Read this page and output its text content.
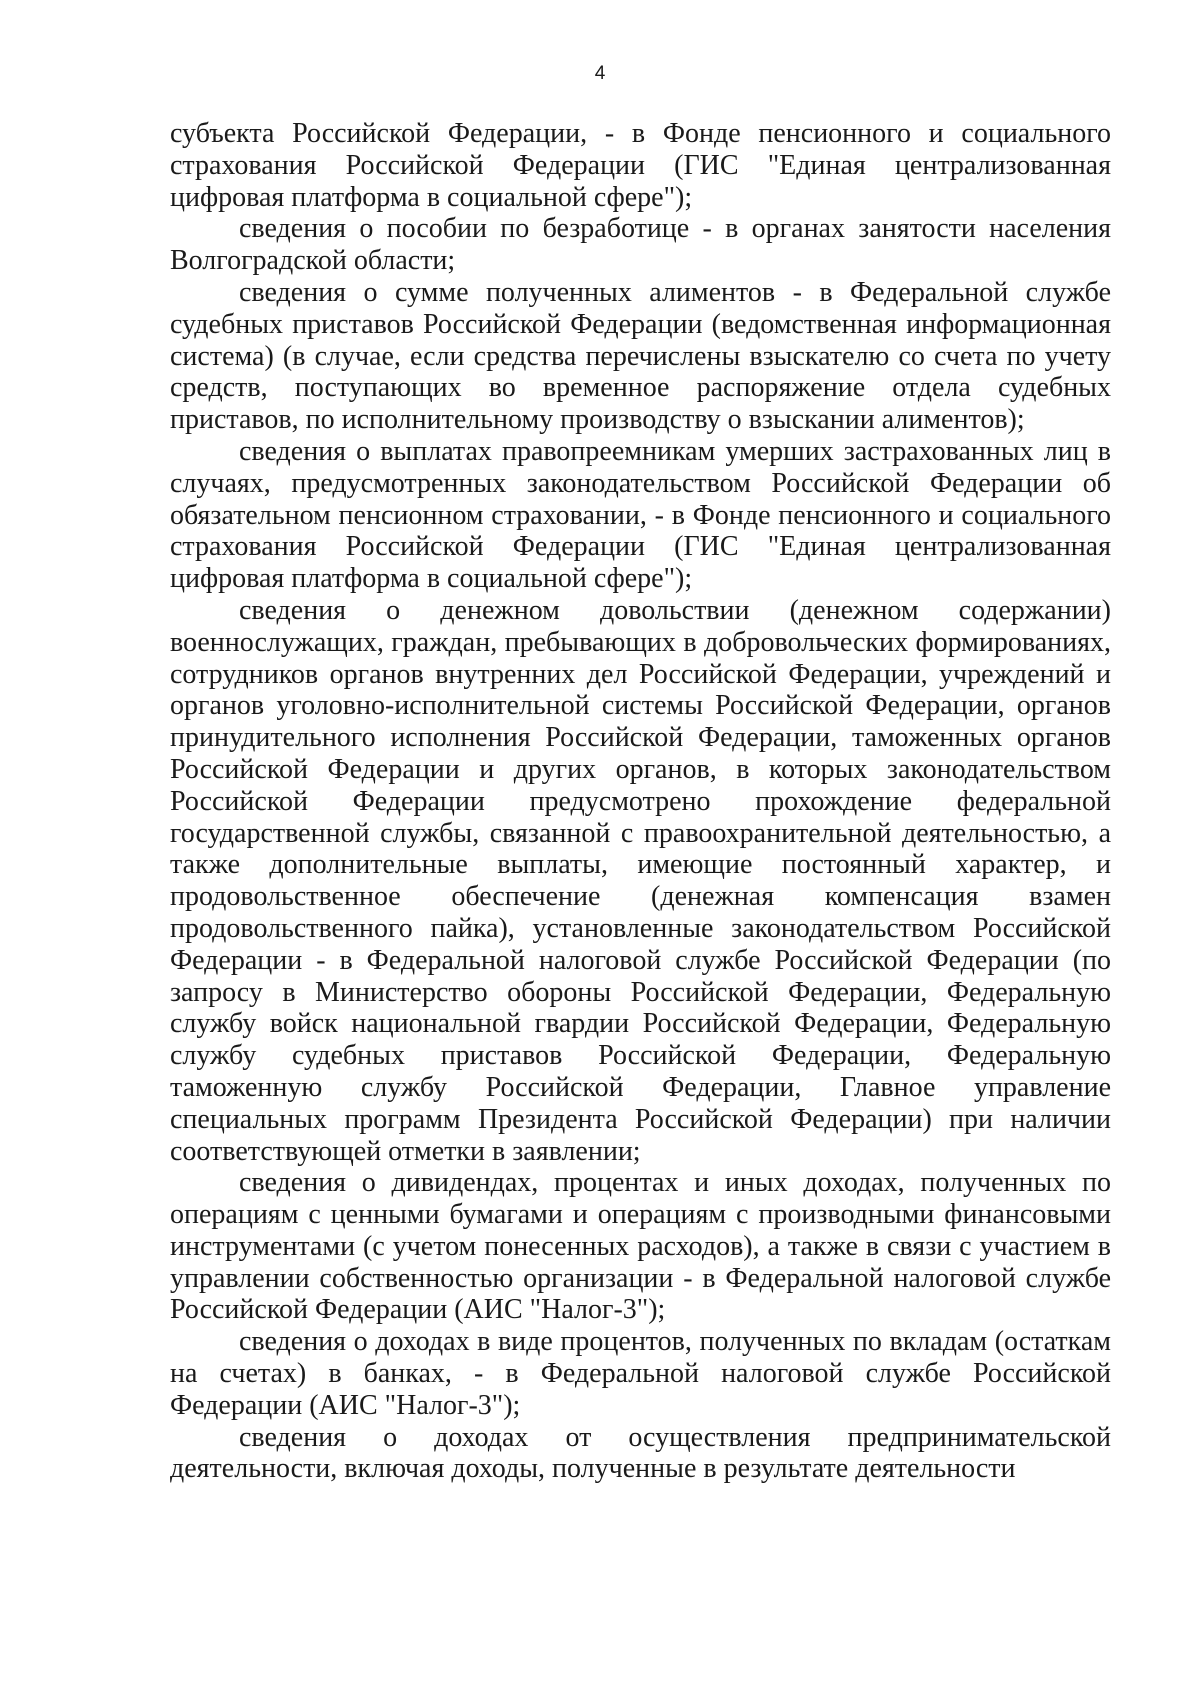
4

субъекта Российской Федерации, - в Фонде пенсионного и социального страхования Российской Федерации (ГИС "Единая централизованная цифровая платформа в социальной сфере");

сведения о пособии по безработице - в органах занятости населения Волгоградской области;

сведения о сумме полученных алиментов - в Федеральной службе судебных приставов Российской Федерации (ведомственная информационная система) (в случае, если средства перечислены взыскателю со счета по учету средств, поступающих во временное распоряжение отдела судебных приставов, по исполнительному производству о взыскании алиментов);

сведения о выплатах правопреемникам умерших застрахованных лиц в случаях, предусмотренных законодательством Российской Федерации об обязательном пенсионном страховании, - в Фонде пенсионного и социального страхования Российской Федерации (ГИС "Единая централизованная цифровая платформа в социальной сфере");

сведения о денежном довольствии (денежном содержании) военнослужащих, граждан, пребывающих в добровольческих формированиях, сотрудников органов внутренних дел Российской Федерации, учреждений и органов уголовно-исполнительной системы Российской Федерации, органов принудительного исполнения Российской Федерации, таможенных органов Российской Федерации и других органов, в которых законодательством Российской Федерации предусмотрено прохождение федеральной государственной службы, связанной с правоохранительной деятельностью, а также дополнительные выплаты, имеющие постоянный характер, и продовольственное обеспечение (денежная компенсация взамен продовольственного пайка), установленные законодательством Российской Федерации - в Федеральной налоговой службе Российской Федерации (по запросу в Министерство обороны Российской Федерации, Федеральную службу войск национальной гвардии Российской Федерации, Федеральную службу судебных приставов Российской Федерации, Федеральную таможенную службу Российской Федерации, Главное управление специальных программ Президента Российской Федерации) при наличии соответствующей отметки в заявлении;

сведения о дивидендах, процентах и иных доходах, полученных по операциям с ценными бумагами и операциям с производными финансовыми инструментами (с учетом понесенных расходов), а также в связи с участием в управлении собственностью организации - в Федеральной налоговой службе Российской Федерации (АИС "Налог-3");

сведения о доходах в виде процентов, полученных по вкладам (остаткам на счетах) в банках, - в Федеральной налоговой службе Российской Федерации (АИС "Налог-3");

сведения о доходах от осуществления предпринимательской деятельности, включая доходы, полученные в результате деятельности
